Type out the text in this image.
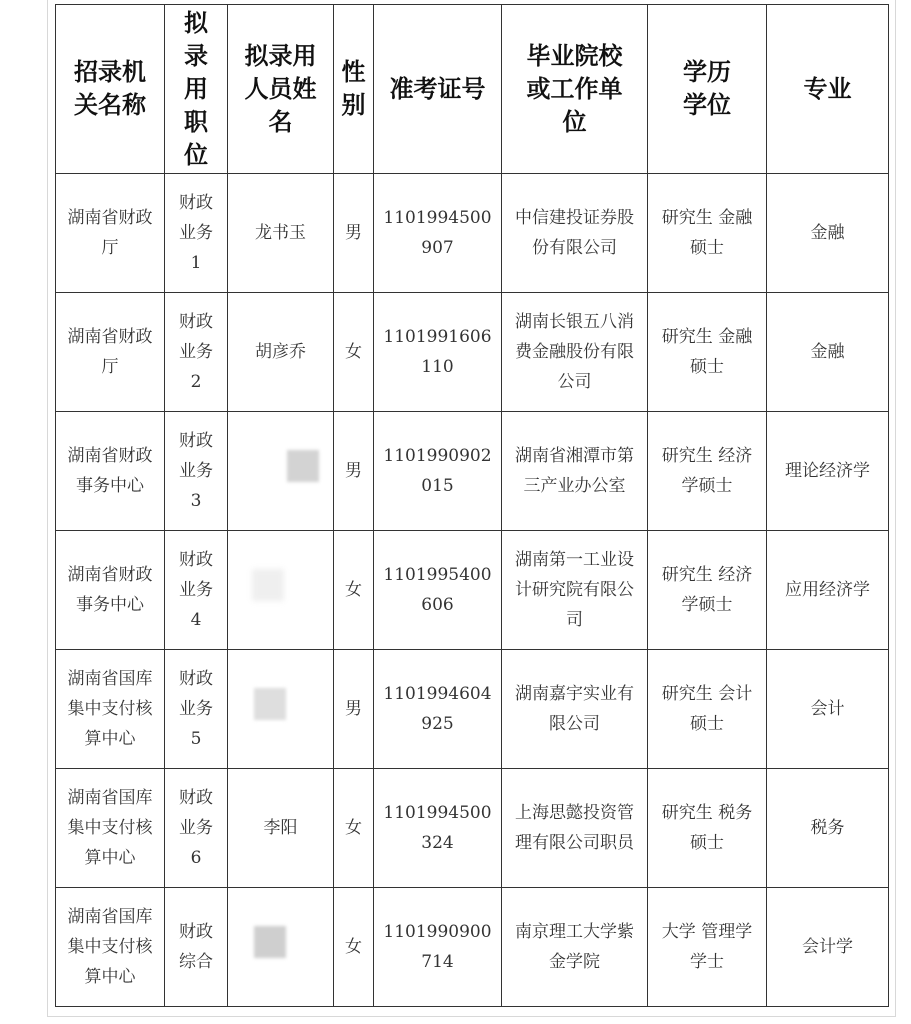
招录机关名称	拟录用职位	拟录用人员姓名	性别	准考证号	毕业院校或工作单位	学历学位	专业
湖南省财政厅	财政业务1	龙书玉	男	1101994500907	中信建投证券股份有限公司	研究生 金融硕士	金融
湖南省财政厅	财政业务2	胡彦乔	女	1101991606110	湖南长银五八消费金融股份有限公司	研究生 金融硕士	金融
湖南省财政事务中心	财政业务3		男	1101990902015	湖南省湘潭市第三产业办公室	研究生 经济学硕士	理论经济学
湖南省财政事务中心	财政业务4		女	1101995400606	湖南第一工业设计研究院有限公司	研究生 经济学硕士	应用经济学
湖南省国库集中支付核算中心	财政业务5		男	1101994604925	湖南嘉宇实业有限公司	研究生 会计硕士	会计
湖南省国库集中支付核算中心	财政业务6	李阳	女	1101994500324	上海思懿投资管理有限公司职员	研究生 税务硕士	税务
湖南省国库集中支付核算中心	财政综合		女	1101990900714	南京理工大学紫金学院	大学 管理学学士	会计学
